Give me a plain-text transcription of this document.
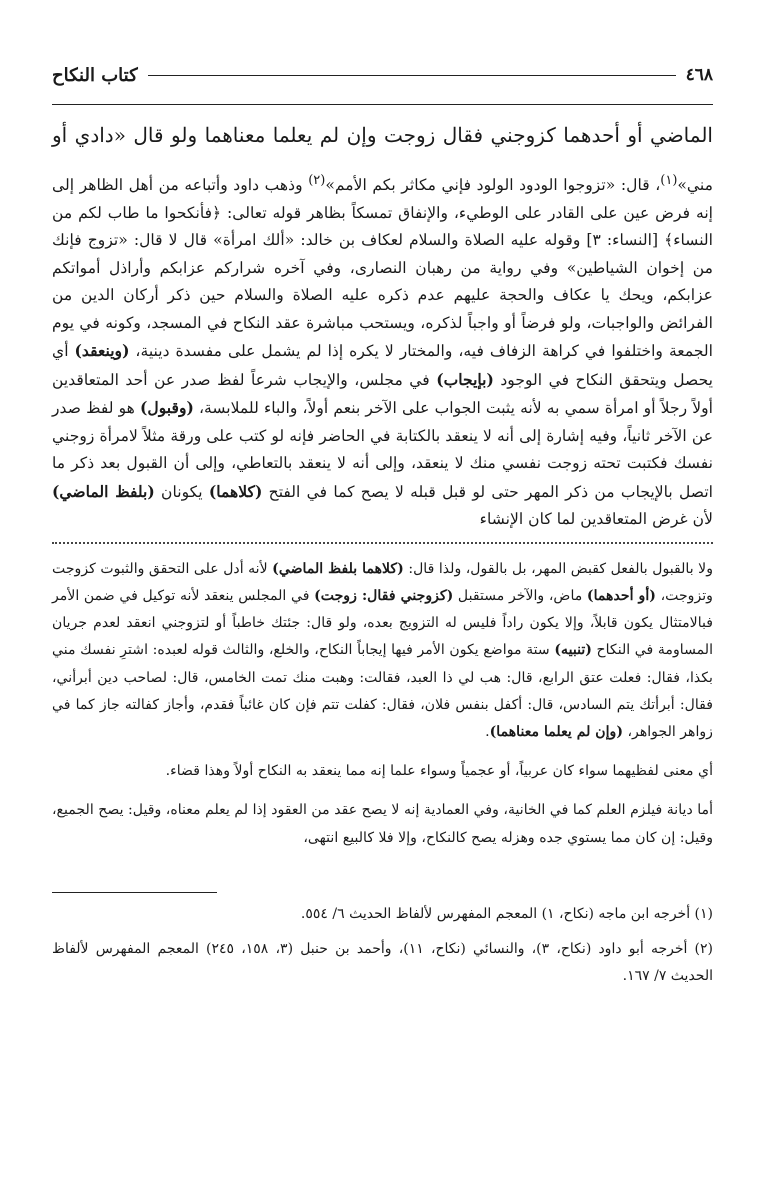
٤٦٨
كتاب النكاح

الماضي أو أحدهما كزوجني فقال زوجت وإن لم يعلما معناهما ولو قال «دادي أو

مني»$^{(١)}$، قال: «تزوجوا الودود الولود فإني مكاثر بكم الأمم»$^{(٢)}$ وذهب داود وأتباعه من أهل الظاهر إلى إنه فرض عين على القادر على الوطيء، والإنفاق تمسكاً بظاهر قوله تعالى: ﴿فأنكحوا ما طاب لكم من النساء﴾ [النساء: ٣] وقوله عليه الصلاة والسلام لعكاف بن خالد: «ألك امرأة» قال لا قال: «تزوج فإنك من إخوان الشياطين» وفي رواية من رهبان النصارى، وفي آخره شراركم عزابكم وأراذل أمواتكم عزابكم، ويحك يا عكاف والحجة عليهم عدم ذكره عليه الصلاة والسلام حين ذكر أركان الدين من الفرائض والواجبات، ولو فرضاً أو واجباً لذكره، ويستحب مباشرة عقد النكاح في المسجد، وكونه في يوم الجمعة واختلفوا في كراهة الزفاف فيه، والمختار لا يكره إذا لم يشمل على مفسدة دينية، (وينعقد) أي يحصل ويتحقق النكاح في الوجود (بإيجاب) في مجلس، والإيجاب شرعاً لفظ صدر عن أحد المتعاقدين أولاً رجلاً أو امرأة سمي به لأنه يثبت الجواب على الآخر بنعم أولاً، والباء للملابسة، (وقبول) هو لفظ صدر عن الآخر ثانياً، وفيه إشارة إلى أنه لا ينعقد بالكتابة في الحاضر فإنه لو كتب على ورقة مثلاً لامرأة زوجني نفسك فكتبت تحته زوجت نفسي منك لا ينعقد، وإلى أنه لا ينعقد بالتعاطي، وإلى أن القبول بعد ذكر ما اتصل بالإيجاب من ذكر المهر حتى لو قبل قبله لا يصح كما في الفتح (كلاهما) يكونان (بلفظ الماضي) لأن غرض المتعاقدين لما كان الإنشاء

ولا بالقبول بالفعل كقبض المهر، بل بالقول، ولذا قال: (كلاهما بلفظ الماضي) لأنه أدل على التحقق والثبوت كزوجت وتزوجت، (أو أحدهما) ماض، والآخر مستقبل (كزوجني فقال: زوجت) في المجلس ينعقد لأنه توكيل في ضمن الأمر فبالامتثال يكون قابلاً، وإلا يكون راداً فليس له التزويج بعده، ولو قال: جئتك خاطباً أو لتزوجني انعقد لعدم جريان المساومة في النكاح (تنبيه) ستة مواضع يكون الأمر فيها إيجاباً النكاح، والخلع، والثالث قوله لعبده: اشترِ نفسك مني بكذا، فقال: فعلت عتق الرابع، قال: هب لي ذا العبد، فقالت: وهبت منك تمت الخامس، قال: لصاحب دين أبرأني، فقال: أبرأتك يتم السادس، قال: أكفل بنفس فلان، فقال: كفلت تتم فإن كان غائباً فقدم، وأجاز كفالته جاز كما في زواهر الجواهر، (وإن لم يعلما معناهما).

أي معنى لفظيهما سواء كان عربياً، أو عجمياً وسواء علما إنه مما ينعقد به النكاح أولاً وهذا قضاء.

أما ديانة فيلزم العلم كما في الخانية، وفي العمادية إنه لا يصح عقد من العقود إذا لم يعلم معناه، وقيل: يصح الجميع، وقيل: إن كان مما يستوي جده وهزله يصح كالنكاح، وإلا فلا كالبيع انتهى،

(١) أخرجه ابن ماجه (نكاح، ١) المعجم المفهرس لألفاظ الحديث ٦/ ٥٥٤.

(٢) أخرجه أبو داود (نكاح، ٣)، والنسائي (نكاح، ١١)، وأحمد بن حنبل (٣، ١٥٨، ٢٤٥) المعجم المفهرس لألفاظ الحديث ٧/ ١٦٧.
